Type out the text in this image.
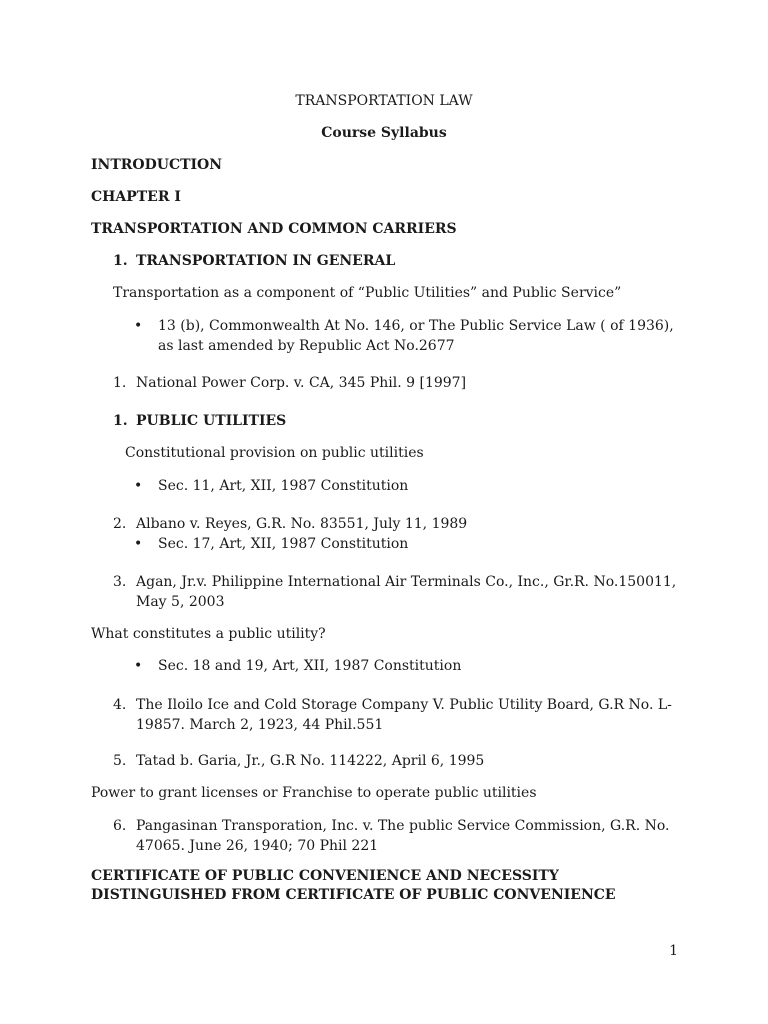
TRANSPORTATION LAW
Course Syllabus
INTRODUCTION
CHAPTER I
TRANSPORTATION AND COMMON CARRIERS
1. TRANSPORTATION IN GENERAL
Transportation as a component of “Public Utilities” and Public Service”
• 13 (b), Commonwealth At No. 146, or The Public Service Law ( of 1936),
as last amended by Republic Act No.2677
1. National Power Corp. v. CA, 345 Phil. 9 [1997]
1. PUBLIC UTILITIES
Constitutional provision on public utilities
• Sec. 11, Art, XII, 1987 Constitution
2. Albano v. Reyes, G.R. No. 83551, July 11, 1989
• Sec. 17, Art, XII, 1987 Constitution
3. Agan, Jr.v. Philippine International Air Terminals Co., Inc., Gr.R. No.150011,
May 5, 2003
What constitutes a public utility?
• Sec. 18 and 19, Art, XII, 1987 Constitution
4. The Iloilo Ice and Cold Storage Company V. Public Utility Board, G.R No. L-
19857. March 2, 1923, 44 Phil.551
5. Tatad b. Garia, Jr., G.R No. 114222, April 6, 1995
Power to grant licenses or Franchise to operate public utilities
6. Pangasinan Transporation, Inc. v. The public Service Commission, G.R. No.
47065. June 26, 1940; 70 Phil 221
CERTIFICATE OF PUBLIC CONVENIENCE AND NECESSITY
DISTINGUISHED FROM CERTIFICATE OF PUBLIC CONVENIENCE
1
